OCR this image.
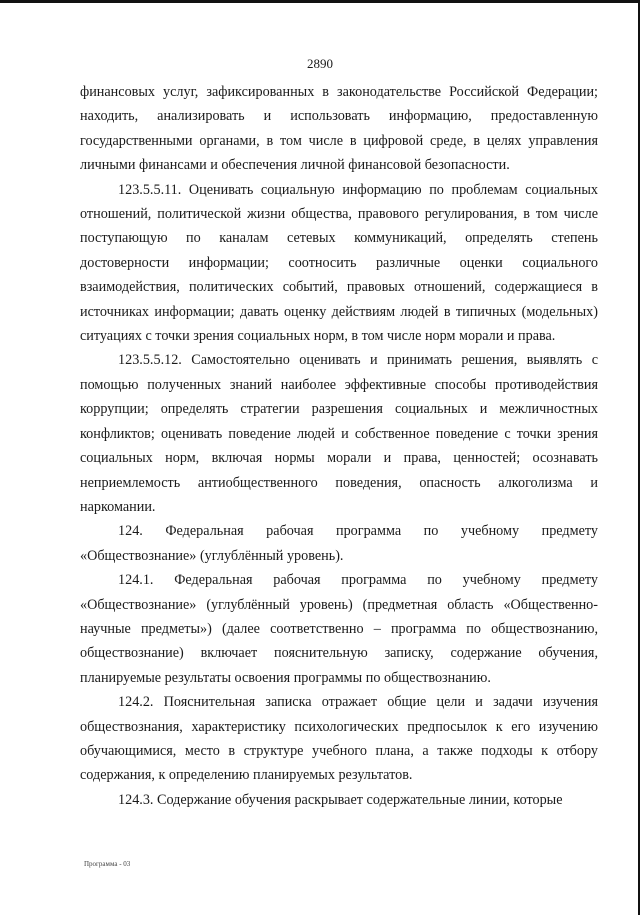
2890

финансовых услуг, зафиксированных в законодательстве Российской Федерации; находить, анализировать и использовать информацию, предоставленную государственными органами, в том числе в цифровой среде, в целях управления личными финансами и обеспечения личной финансовой безопасности.

123.5.5.11. Оценивать социальную информацию по проблемам социальных отношений, политической жизни общества, правового регулирования, в том числе поступающую по каналам сетевых коммуникаций, определять степень достоверности информации; соотносить различные оценки социального взаимодействия, политических событий, правовых отношений, содержащиеся в источниках информации; давать оценку действиям людей в типичных (модельных) ситуациях с точки зрения социальных норм, в том числе норм морали и права.

123.5.5.12. Самостоятельно оценивать и принимать решения, выявлять с помощью полученных знаний наиболее эффективные способы противодействия коррупции; определять стратегии разрешения социальных и межличностных конфликтов; оценивать поведение людей и собственное поведение с точки зрения социальных норм, включая нормы морали и права, ценностей; осознавать неприемлемость антиобщественного поведения, опасность алкоголизма и наркомании.

124. Федеральная рабочая программа по учебному предмету «Обществознание» (углублённый уровень).

124.1. Федеральная рабочая программа по учебному предмету «Обществознание» (углублённый уровень) (предметная область «Общественно-научные предметы») (далее соответственно – программа по обществознанию, обществознание) включает пояснительную записку, содержание обучения, планируемые результаты освоения программы по обществознанию.

124.2. Пояснительная записка отражает общие цели и задачи изучения обществознания, характеристику психологических предпосылок к его изучению обучающимися, место в структуре учебного плана, а также подходы к отбору содержания, к определению планируемых результатов.

124.3. Содержание обучения раскрывает содержательные линии, которые

Программа - 03
